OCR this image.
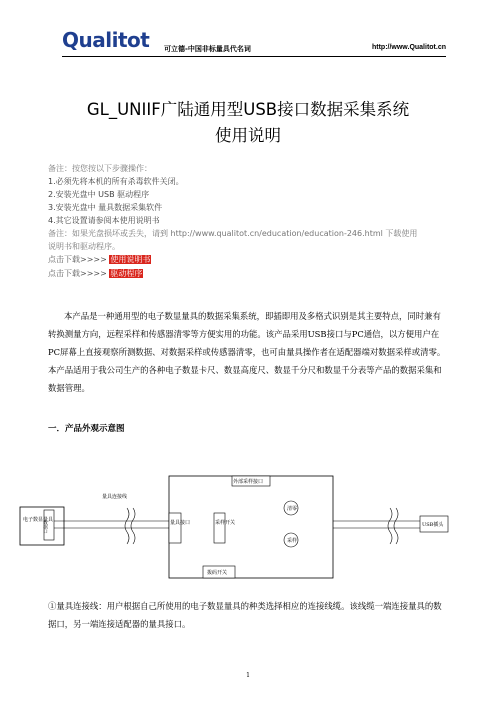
Qualitot 可立德-中国非标量具代名词	http://www.Qualitot.cn
GL_UNIIF广陆通用型USB接口数据采集系统
使用说明
备注：按您按以下步骤操作：
1.必须先将本机的所有杀毒软件关闭。
2.安装光盘中 USB 驱动程序
3.安装光盘中 量具数据采集软件
4.其它设置请参阅本使用说明书
备注：如果光盘损坏或丢失，请到 http://www.qualitot.cn/education/education-246.html 下载使用
说明书和驱动程序。
点击下载>>>> 使用说明书
点击下载>>>> 驱动程序
本产品是一种通用型的电子数显量具的数据采集系统，即插即用及多格式识别是其主要特点，同时兼有转换测量方向，远程采样和传感器清零等方便实用的功能。该产品采用USB接口与PC通信，以方便用户在PC屏幕上直接观察所测数据、对数据采样或传感器清零，也可由量具操作者在适配器端对数据采样或清零。本产品适用于我公司生产的各种电子数显卡尺、数显高度尺、数显千分尺和数显千分表等产品的数据采集和数据管理。
一．产品外观示意图
电子数显量具
数据口
量具连接线
量具接口	采样开关
外部采样接口
清零
采样
拨码开关
USB插头
①量具连接线：用户根据自己所使用的电子数显量具的种类选择相应的连接线缆。该线缆一端连接量具的数据口，另一端连接适配器的量具接口。
1
